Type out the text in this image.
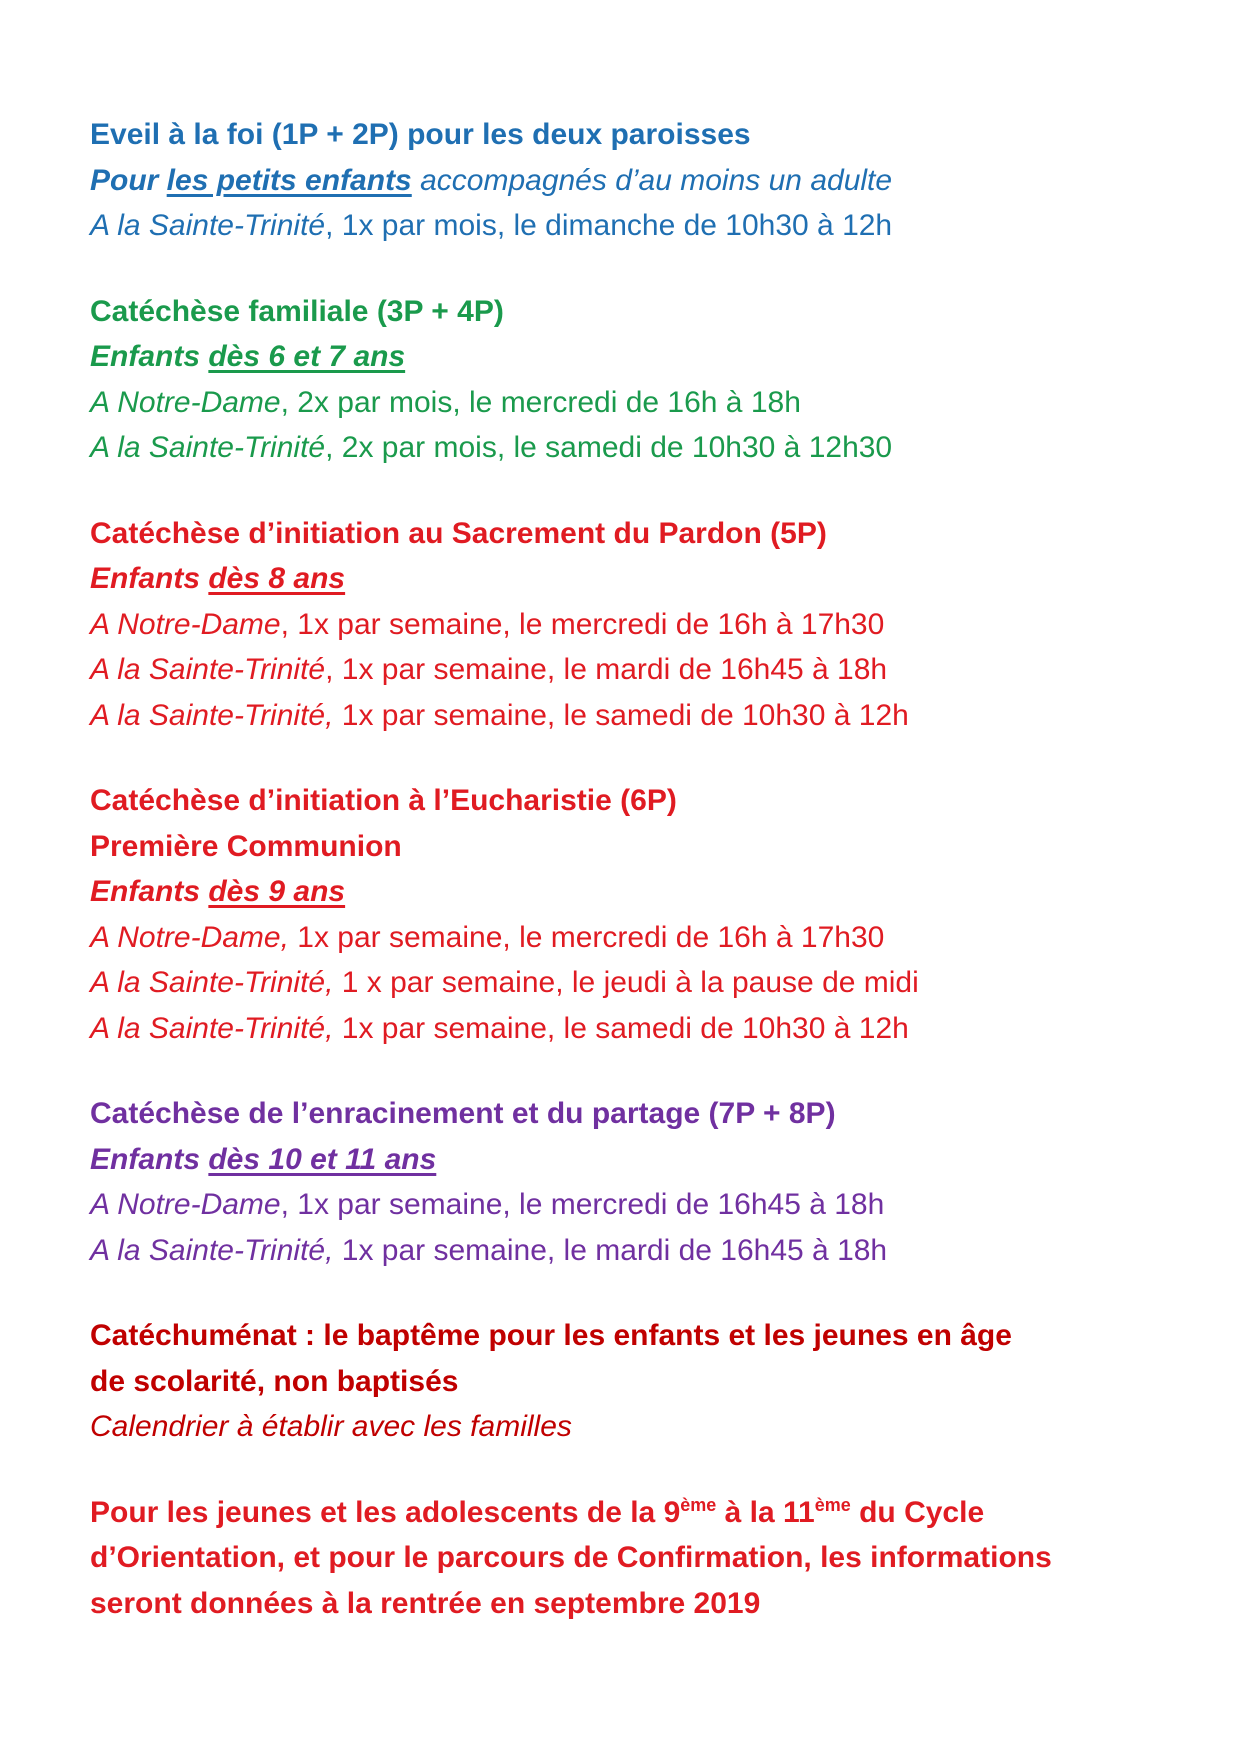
Eveil à la foi (1P + 2P) pour les deux paroisses
Pour les petits enfants accompagnés d’au moins un adulte
A la Sainte-Trinité, 1x par mois, le dimanche de 10h30 à 12h
Catéchèse familiale (3P + 4P)
Enfants dès 6 et 7 ans
A Notre-Dame, 2x par mois, le mercredi de 16h à 18h
A la Sainte-Trinité, 2x par mois, le samedi de 10h30 à 12h30
Catéchèse d’initiation au Sacrement du Pardon (5P)
Enfants dès 8 ans
A Notre-Dame, 1x par semaine, le mercredi de 16h à 17h30
A la Sainte-Trinité, 1x par semaine, le mardi de 16h45 à 18h
A la Sainte-Trinité, 1x par semaine, le samedi de 10h30 à 12h
Catéchèse d’initiation à l’Eucharistie (6P)
Première Communion
Enfants dès 9 ans
A Notre-Dame, 1x par semaine, le mercredi de 16h à 17h30
A la Sainte-Trinité, 1 x par semaine, le jeudi à la pause de midi
A la Sainte-Trinité, 1x par semaine, le samedi de 10h30 à 12h
Catéchèse de l’enracinement et du partage (7P + 8P)
Enfants dès 10 et 11 ans
A Notre-Dame, 1x par semaine, le mercredi de 16h45 à 18h
A la Sainte-Trinité, 1x par semaine, le mardi de 16h45 à 18h
Catéchuménat : le baptême pour les enfants et les jeunes en âge
de scolarité, non baptisés
Calendrier à établir avec les familles
Pour les jeunes et les adolescents de la 9ème à la 11ème du Cycle
d’Orientation, et pour le parcours de Confirmation, les informations
seront données à la rentrée en septembre 2019
